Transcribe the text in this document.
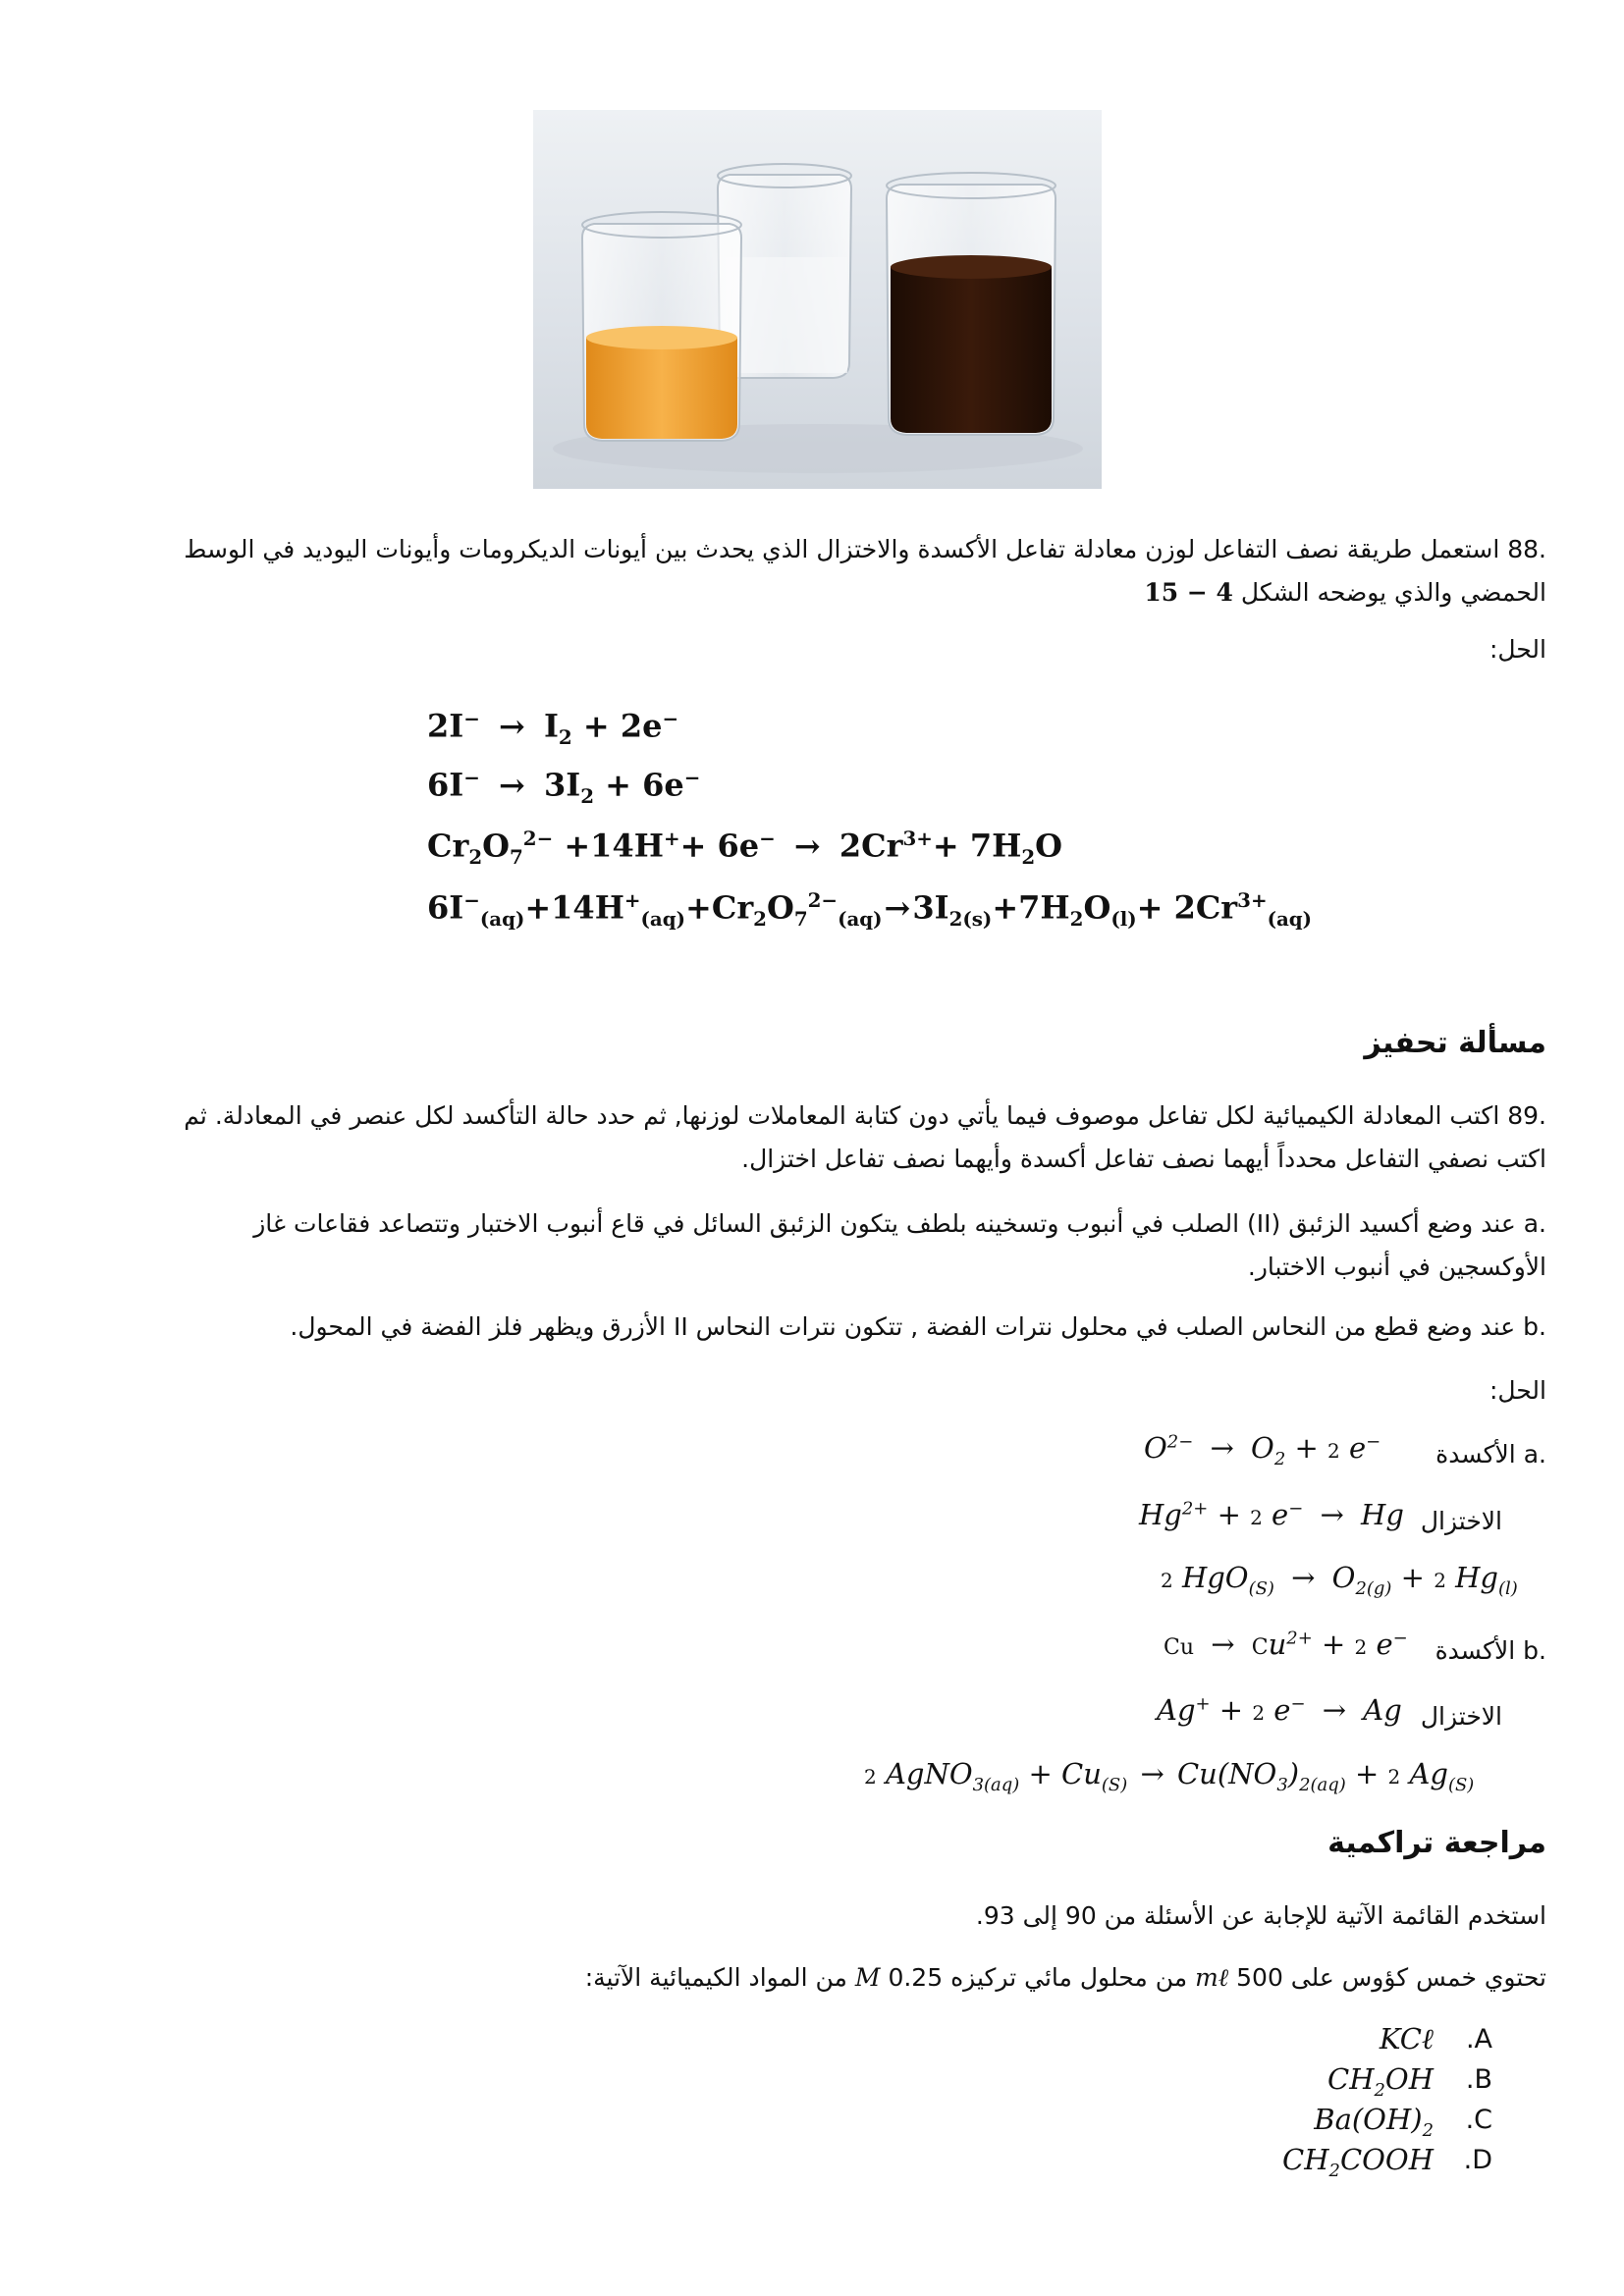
.88 استعمل طريقة نصف التفاعل لوزن معادلة تفاعل الأكسدة والاختزال الذي يحدث بين أيونات الديكرومات وأيونات اليوديد في الوسط
الحمضي والذي يوضحه الشكل 15 − 4
الحل:
$2I^- \to I_2 + 2e^-$
$6I^- \to 3I_2 + 6e^-$
$Cr_2O_7^{2-} +14H^++ 6e^- \to 2Cr^{3+}+ 7H_2O$
$6I^-_{(aq)}+14H^+_{(aq)}+Cr_2O_7^{2-}_{(aq)}\to 3I_{2(s)}+7H_2O_{(l)}+ 2Cr^{3+}_{(aq)}$
مسألة تحفيز
.89 اكتب المعادلة الكيميائية لكل تفاعل موصوف فيما يأتي دون كتابة المعاملات لوزنها, ثم حدد حالة التأكسد لكل عنصر في المعادلة. ثم
اكتب نصفي التفاعل محدداً أيهما نصف تفاعل أكسدة وأيهما نصف تفاعل اختزال.
.a عند وضع أكسيد الزئبق (II) الصلب في أنبوب وتسخينه بلطف يتكون الزئبق السائل في قاع أنبوب الاختبار وتتصاعد فقاعات غاز
الأوكسجين في أنبوب الاختبار.
.b عند وضع قطع من النحاس الصلب في محلول نترات الفضة , تتكون نترات النحاس II الأزرق ويظهر فلز الفضة في المحول.
الحل:
.a الأكسدة
$O^{2-} \to O_2 + 2$ e−
الاختزال
$Hg^{2+} + 2$ e− → Hg
2 $HgO_{(S)} \to O_{2(g)} + 2$ $Hg_{(l)}$
.b الأكسدة
$Cu \to Cu^{2+} + 2$ e−
الاختزال
Ag+ + 2 e− → Ag
2 AgNO$_{3(aq)}$ + $Cu_{(S)} \to Cu(NO_3)_{2(aq)} + 2$ $Ag_{(S)}$
مراجعة تراكمية
استخدم القائمة الآتية للإجابة عن الأسئلة من 90 إلى 93.
تحتوي خمس كؤوس على 500 mℓ من محلول مائي تركيزه 0.25 M من المواد الكيميائية الآتية:
KCℓ .A
$CH_2OH$ .B
$Ba(OH)_2$ .C
$CH_2COOH$ .D
